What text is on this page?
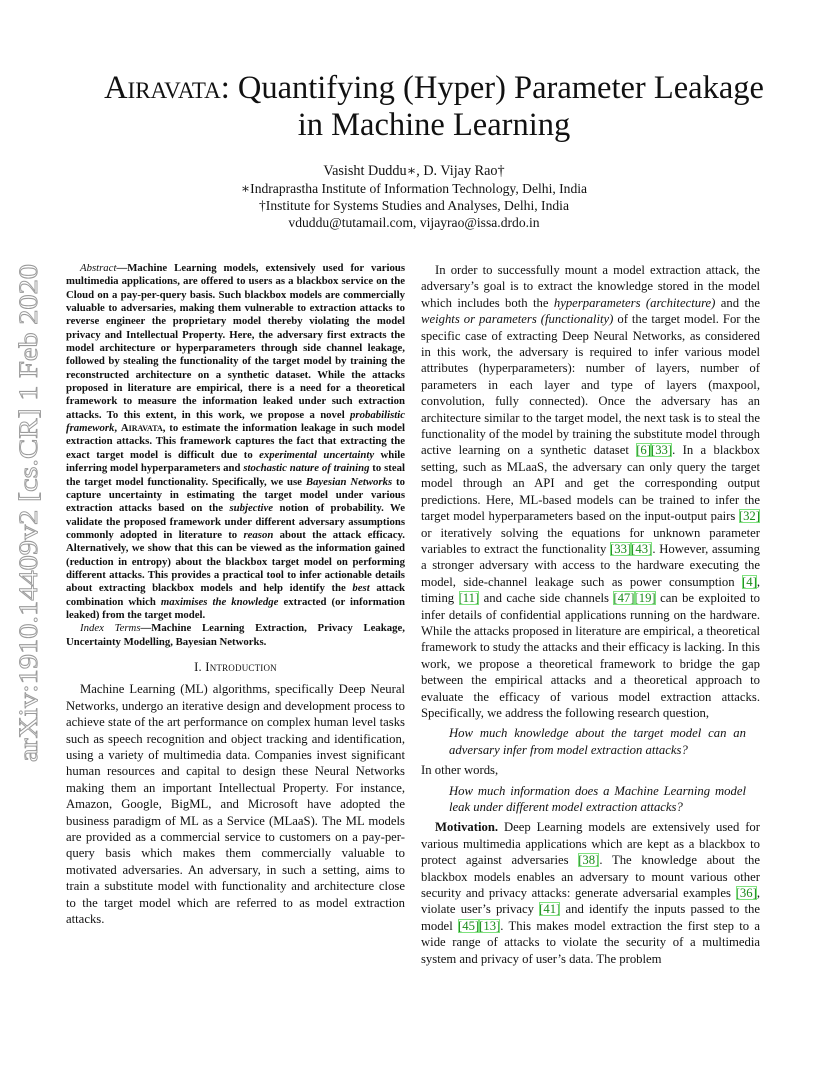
arXiv:1910.14409v2 [cs.CR] 1 Feb 2020
Airavata: Quantifying (Hyper) Parameter Leakage
in Machine Learning
Vasisht Duddu∗, D. Vijay Rao†
∗Indraprastha Institute of Information Technology, Delhi, India
†Institute for Systems Studies and Analyses, Delhi, India
vduddu@tutamail.com, vijayrao@issa.drdo.in

Abstract—Machine Learning models, extensively used for various multimedia applications, are offered to users as a blackbox service on the Cloud on a pay-per-query basis. Such blackbox models are commercially valuable to adversaries, making them vulnerable to extraction attacks to reverse engineer the proprietary model thereby violating the model privacy and Intellectual Property. Here, the adversary first extracts the model architecture or hyperparameters through side channel leakage, followed by stealing the functionality of the target model by training the reconstructed architecture on a synthetic dataset. While the attacks proposed in literature are empirical, there is a need for a theoretical framework to measure the information leaked under such extraction attacks. To this extent, in this work, we propose a novel probabilistic framework, Airavata, to estimate the information leakage in such model extraction attacks. This framework captures the fact that extracting the exact target model is difficult due to experimental uncertainty while inferring model hyperparameters and stochastic nature of training to steal the target model functionality. Specifically, we use Bayesian Networks to capture uncertainty in estimating the target model under various extraction attacks based on the subjective notion of probability. We validate the proposed framework under different adversary assumptions commonly adopted in literature to reason about the attack efficacy. Alternatively, we show that this can be viewed as the information gained (reduction in entropy) about the blackbox target model on performing different attacks. This provides a practical tool to infer actionable details about extracting blackbox models and help identify the best attack combination which maximises the knowledge extracted (or information leaked) from the target model.

Index Terms—Machine Learning Extraction, Privacy Leakage, Uncertainty Modelling, Bayesian Networks.

I. Introduction

Machine Learning (ML) algorithms, specifically Deep Neural Networks, undergo an iterative design and development process to achieve state of the art performance on complex human level tasks such as speech recognition and object tracking and identification, using a variety of multimedia data. Companies invest significant human resources and capital to design these Neural Networks making them an important Intellectual Property. For instance, Amazon, Google, BigML, and Microsoft have adopted the business paradigm of ML as a Service (MLaaS). The ML models are provided as a commercial service to customers on a pay-per-query basis which makes them commercially valuable to motivated adversaries. An adversary, in such a setting, aims to train a substitute model with functionality and architecture close to the target model which are referred to as model extraction attacks.

In order to successfully mount a model extraction attack, the adversary’s goal is to extract the knowledge stored in the model which includes both the hyperparameters (architecture) and the weights or parameters (functionality) of the target model. For the specific case of extracting Deep Neural Networks, as considered in this work, the adversary is required to infer various model attributes (hyperparameters): number of layers, number of parameters in each layer and type of layers (maxpool, convolution, fully connected). Once the adversary has an architecture similar to the target model, the next task is to steal the functionality of the model by training the substitute model through active learning on a synthetic dataset [6][33]. In a blackbox setting, such as MLaaS, the adversary can only query the target model through an API and get the corresponding output predictions. Here, ML-based models can be trained to infer the target model hyperparameters based on the input-output pairs [32] or iteratively solving the equations for unknown parameter variables to extract the functionality [33][43]. However, assuming a stronger adversary with access to the hardware executing the model, side-channel leakage such as power consumption [4], timing [11] and cache side channels [47][19] can be exploited to infer details of confidential applications running on the hardware. While the attacks proposed in literature are empirical, a theoretical framework to study the attacks and their efficacy is lacking. In this work, we propose a theoretical framework to bridge the gap between the empirical attacks and a theoretical approach to evaluate the efficacy of various model extraction attacks. Specifically, we address the following research question,

How much knowledge about the target model can an adversary infer from model extraction attacks?

In other words,

How much information does a Machine Learning model leak under different model extraction attacks?

Motivation. Deep Learning models are extensively used for various multimedia applications which are kept as a blackbox to protect against adversaries [38]. The knowledge about the blackbox models enables an adversary to mount various other security and privacy attacks: generate adversarial examples [36], violate user’s privacy [41] and identify the inputs passed to the model [45][13]. This makes model extraction the first step to a wide range of attacks to violate the security of a multimedia system and privacy of user’s data. The problem
